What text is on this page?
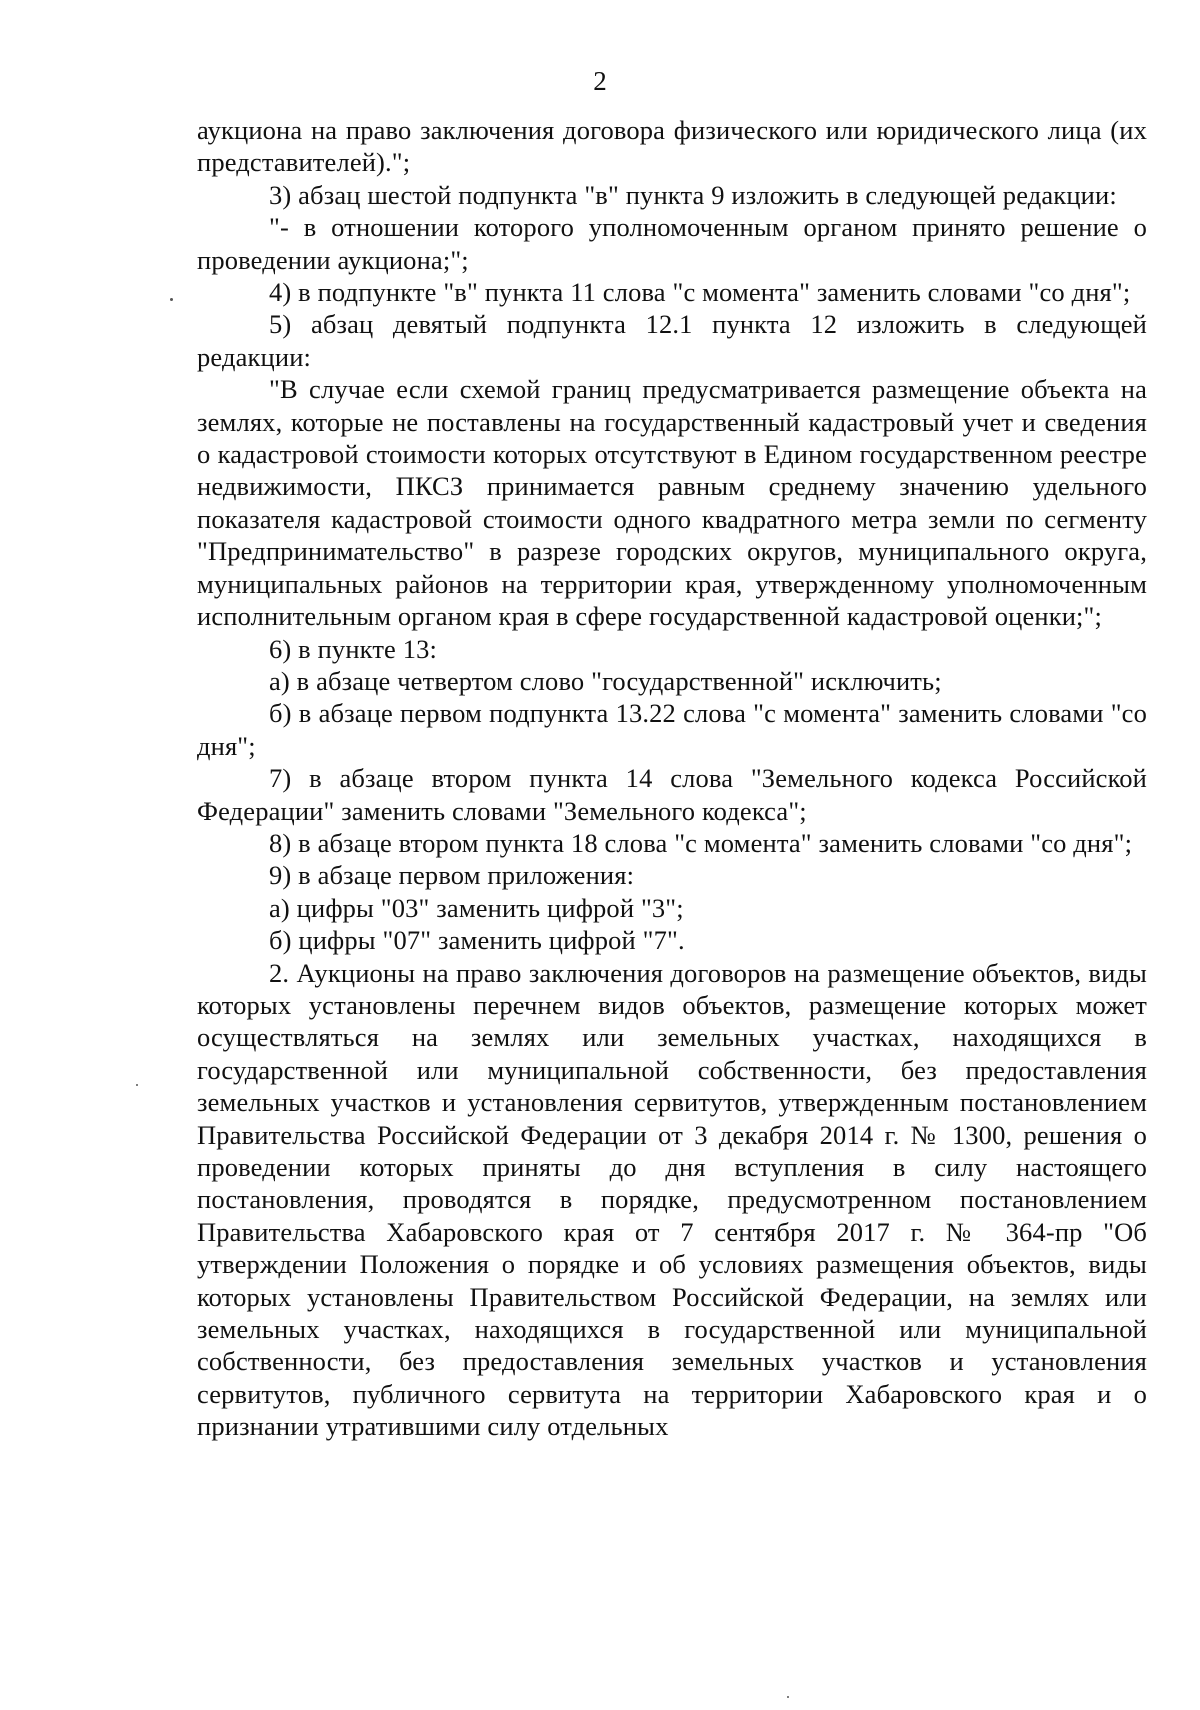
2

аукциона на право заключения договора физического или юридического лица (их представителей).";

3) абзац шестой подпункта "в" пункта 9 изложить в следующей редакции:

"- в отношении которого уполномоченным органом принято решение о проведении аукциона;";

4) в подпункте "в" пункта 11 слова "с момента" заменить словами "со дня";

5) абзац девятый подпункта 12.1 пункта 12 изложить в следующей редакции:

"В случае если схемой границ предусматривается размещение объекта на землях, которые не поставлены на государственный кадастровый учет и сведения о кадастровой стоимости которых отсутствуют в Едином государственном реестре недвижимости, ПКСЗ принимается равным среднему значению удельного показателя кадастровой стоимости одного квадратного метра земли по сегменту "Предпринимательство" в разрезе городских округов, муниципального округа, муниципальных районов на территории края, утвержденному уполномоченным исполнительным органом края в сфере государственной кадастровой оценки;";

6) в пункте 13:

а) в абзаце четвертом слово "государственной" исключить;

б) в абзаце первом подпункта 13.22 слова "с момента" заменить словами "со дня";

7) в абзаце втором пункта 14 слова "Земельного кодекса Российской Федерации" заменить словами "Земельного кодекса";

8) в абзаце втором пункта 18 слова "с момента" заменить словами "со дня";

9) в абзаце первом приложения:

а) цифры "03" заменить цифрой "3";

б) цифры "07" заменить цифрой "7".

2. Аукционы на право заключения договоров на размещение объектов, виды которых установлены перечнем видов объектов, размещение которых может осуществляться на землях или земельных участках, находящихся в государственной или муниципальной собственности, без предоставления земельных участков и установления сервитутов, утвержденным постановлением Правительства Российской Федерации от 3 декабря 2014 г. № 1300, решения о проведении которых приняты до дня вступления в силу настоящего постановления, проводятся в порядке, предусмотренном постановлением Правительства Хабаровского края от 7 сентября 2017 г. № 364-пр "Об утверждении Положения о порядке и об условиях размещения объектов, виды которых установлены Правительством Российской Федерации, на землях или земельных участках, находящихся в государственной или муниципальной собственности, без предоставления земельных участков и установления сервитутов, публичного сервитута на территории Хабаровского края и о признании утратившими силу отдельных
